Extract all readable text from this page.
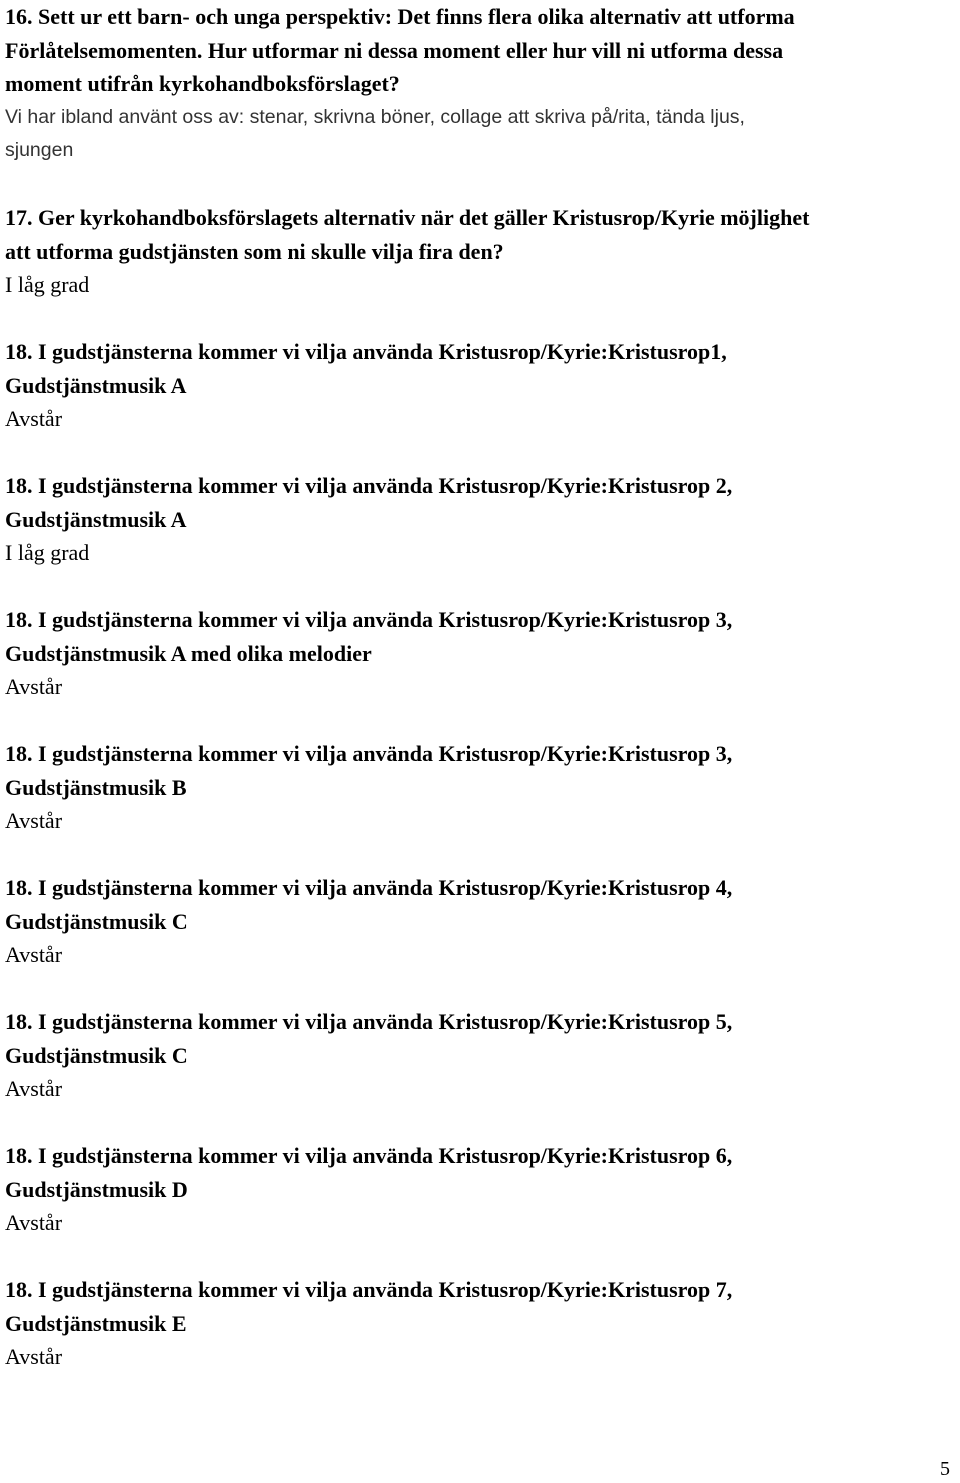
16. Sett ur ett barn- och unga perspektiv: Det finns flera olika alternativ att utforma
Förlåtelsemomenten. Hur utformar ni dessa moment eller hur vill ni utforma dessa
moment utifrån kyrkohandboksförslaget?
Vi har ibland använt oss av: stenar, skrivna böner, collage att skriva på/rita, tända ljus,
sjungen
17. Ger kyrkohandboksförslagets alternativ när det gäller Kristusrop/Kyrie möjlighet
att utforma gudstjänsten som ni skulle vilja fira den?
I låg grad
18. I gudstjänsterna kommer vi vilja använda Kristusrop/Kyrie:Kristusrop1,
Gudstjänstmusik A
Avstår
18. I gudstjänsterna kommer vi vilja använda Kristusrop/Kyrie:Kristusrop 2,
Gudstjänstmusik A
I låg grad
18. I gudstjänsterna kommer vi vilja använda Kristusrop/Kyrie:Kristusrop 3,
Gudstjänstmusik A med olika melodier
Avstår
18. I gudstjänsterna kommer vi vilja använda Kristusrop/Kyrie:Kristusrop 3,
Gudstjänstmusik B
Avstår
18. I gudstjänsterna kommer vi vilja använda Kristusrop/Kyrie:Kristusrop 4,
Gudstjänstmusik C
Avstår
18. I gudstjänsterna kommer vi vilja använda Kristusrop/Kyrie:Kristusrop 5,
Gudstjänstmusik C
Avstår
18. I gudstjänsterna kommer vi vilja använda Kristusrop/Kyrie:Kristusrop 6,
Gudstjänstmusik D
Avstår
18. I gudstjänsterna kommer vi vilja använda Kristusrop/Kyrie:Kristusrop 7,
Gudstjänstmusik E
Avstår
5
